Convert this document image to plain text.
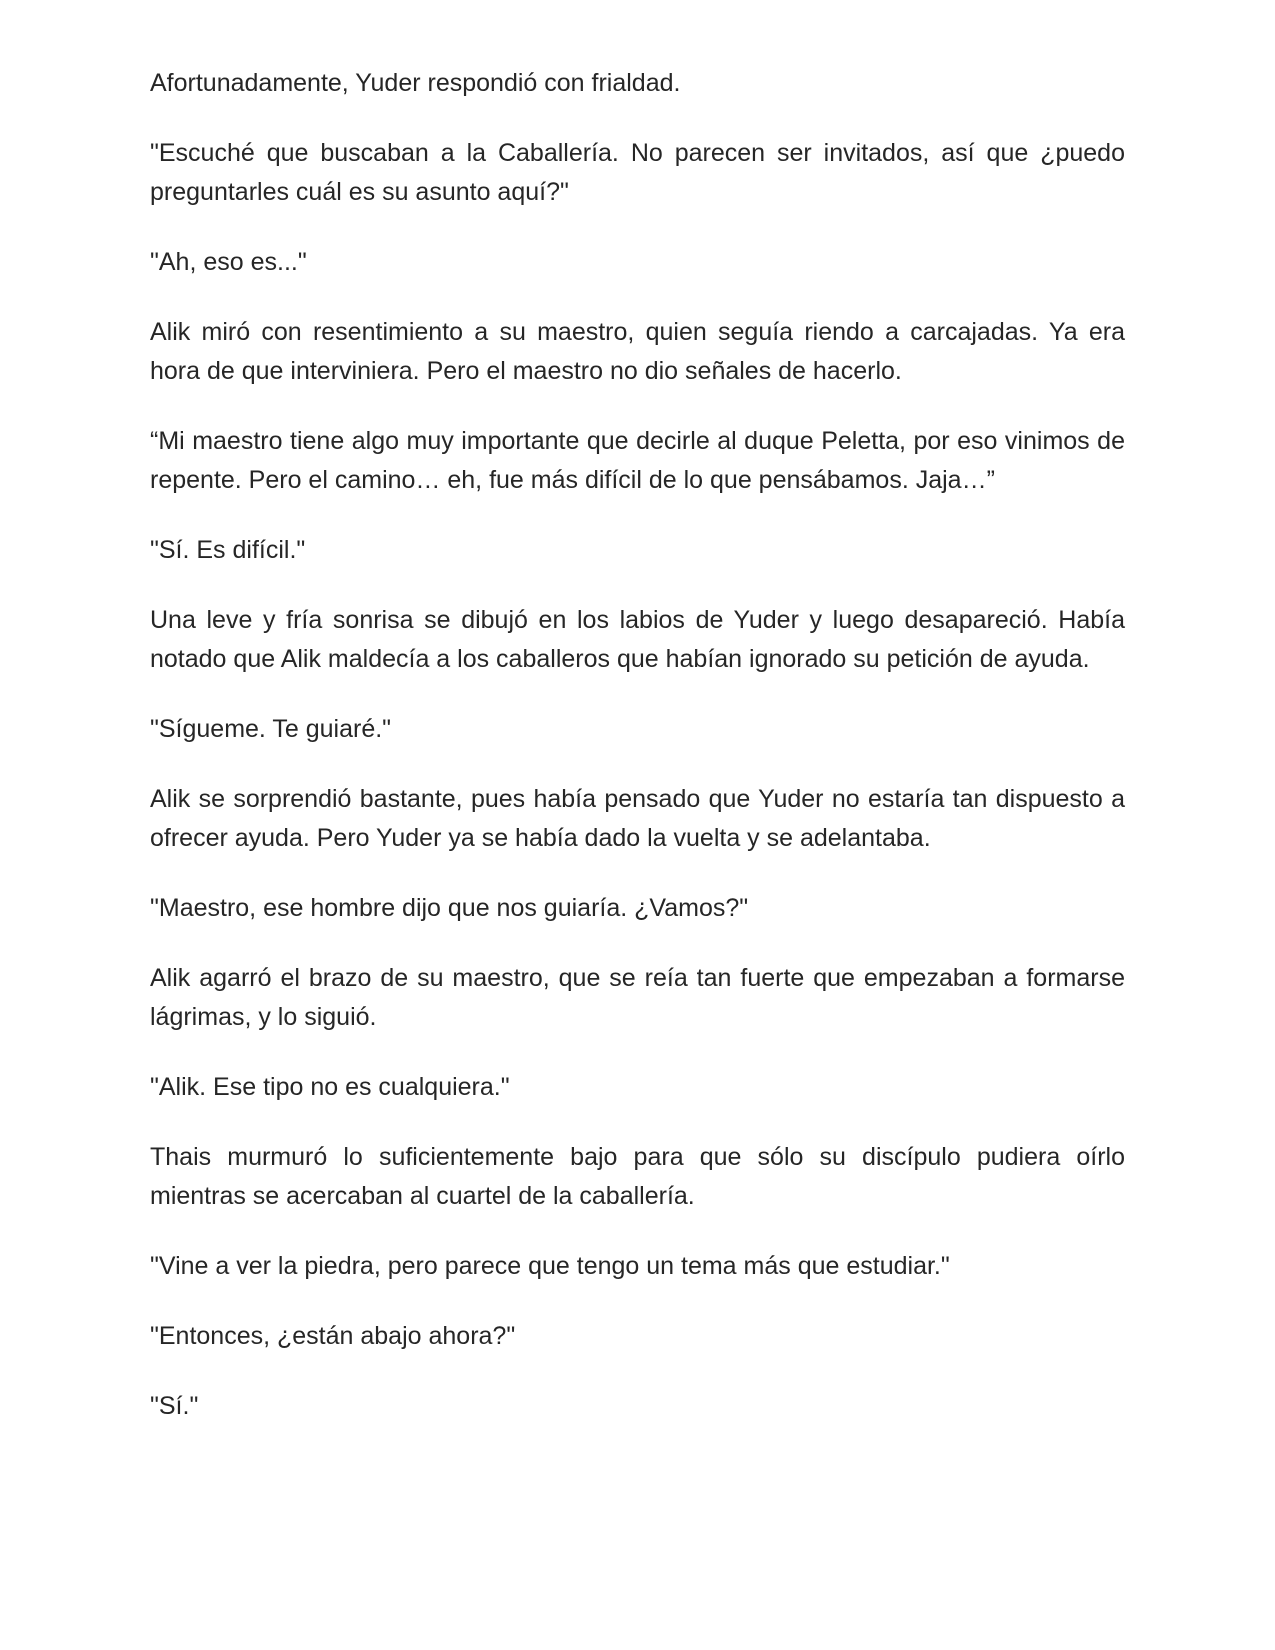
Afortunadamente, Yuder respondió con frialdad.

"Escuché que buscaban a la Caballería. No parecen ser invitados, así que ¿puedo preguntarles cuál es su asunto aquí?"

"Ah, eso es..."

Alik miró con resentimiento a su maestro, quien seguía riendo a carcajadas. Ya era hora de que interviniera. Pero el maestro no dio señales de hacerlo.

“Mi maestro tiene algo muy importante que decirle al duque Peletta, por eso vinimos de repente. Pero el camino… eh, fue más difícil de lo que pensábamos. Jaja…”

"Sí. Es difícil."

Una leve y fría sonrisa se dibujó en los labios de Yuder y luego desapareció. Había notado que Alik maldecía a los caballeros que habían ignorado su petición de ayuda.

"Sígueme. Te guiaré."

Alik se sorprendió bastante, pues había pensado que Yuder no estaría tan dispuesto a ofrecer ayuda. Pero Yuder ya se había dado la vuelta y se adelantaba.

"Maestro, ese hombre dijo que nos guiaría. ¿Vamos?"

Alik agarró el brazo de su maestro, que se reía tan fuerte que empezaban a formarse lágrimas, y lo siguió.

"Alik. Ese tipo no es cualquiera."

Thais murmuró lo suficientemente bajo para que sólo su discípulo pudiera oírlo mientras se acercaban al cuartel de la caballería.

"Vine a ver la piedra, pero parece que tengo un tema más que estudiar."

"Entonces, ¿están abajo ahora?"

"Sí."
